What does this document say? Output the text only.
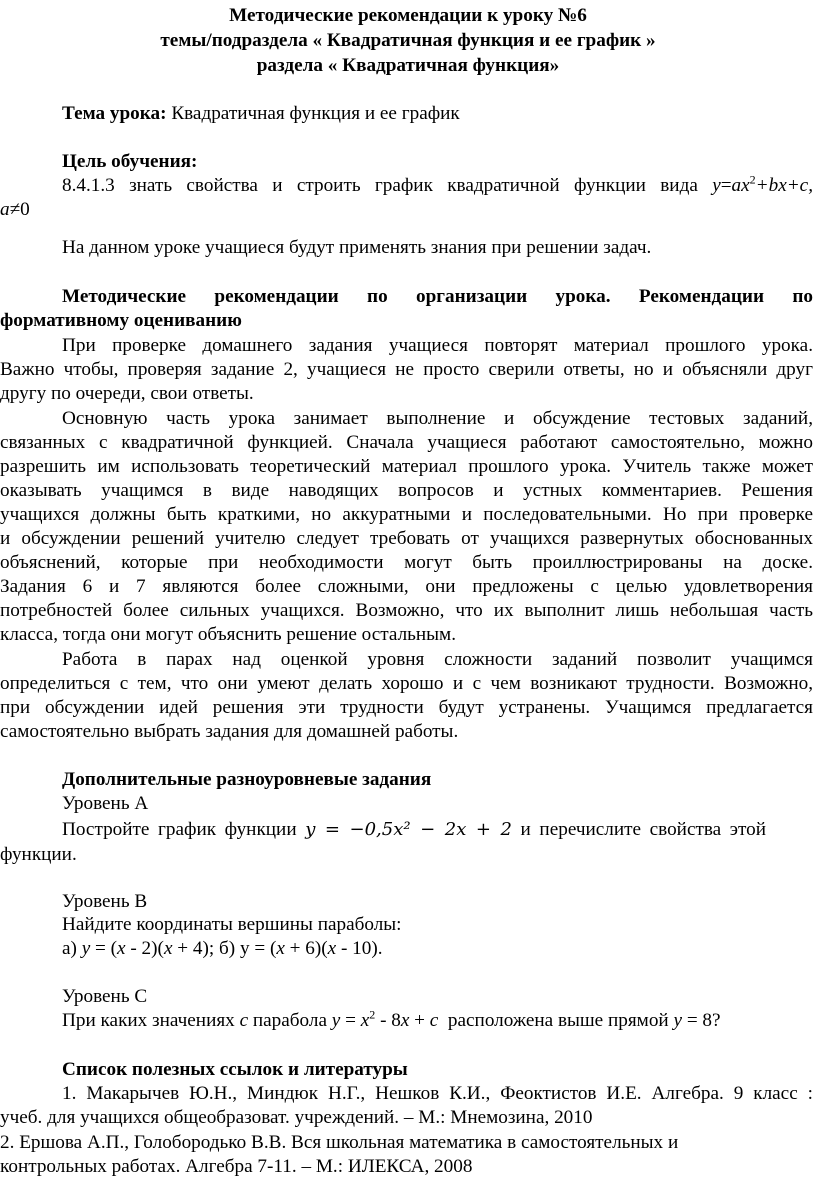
Методические рекомендации к уроку №6
темы/подраздела « Квадратичная функция и ее график »
раздела « Квадратичная функция»
Тема урока: Квадратичная функция и ее график
Цель обучения:
8.4.1.3 знать свойства и строить график квадратичной функции вида $y=ax^2+bx+c$,
a≠0
На данном уроке учащиеся будут применять знания при решении задач.
Методические рекомендации по организации урока. Рекомендации по
формативному оцениванию
При проверке домашнего задания учащиеся повторят материал прошлого урока.
Важно чтобы, проверяя задание 2, учащиеся не просто сверили ответы, но и объясняли друг
другу по очереди, свои ответы.
Основную часть урока занимает выполнение и обсуждение тестовых заданий,
связанных с квадратичной функцией. Сначала учащиеся работают самостоятельно, можно
разрешить им использовать теоретический материал прошлого урока. Учитель также может
оказывать учащимся в виде наводящих вопросов и устных комментариев. Решения
учащихся должны быть краткими, но аккуратными и последовательными. Но при проверке
и обсуждении решений учителю следует требовать от учащихся развернутых обоснованных
объяснений, которые при необходимости могут быть проиллюстрированы на доске.
Задания 6 и 7 являются более сложными, они предложены с целью удовлетворения
потребностей более сильных учащихся. Возможно, что их выполнит лишь небольшая часть
класса, тогда они могут объяснить решение остальным.
Работа в парах над оценкой уровня сложности заданий позволит учащимся
определиться с тем, что они умеют делать хорошо и с чем возникают трудности. Возможно,
при обсуждении идей решения эти трудности будут устранены. Учащимся предлагается
самостоятельно выбрать задания для домашней работы.
Дополнительные разноуровневые задания
Уровень А
Постройте график функции y = −0,5x² − 2x + 2 и перечислите свойства этой
функции.
Уровень В
Найдите координаты вершины параболы:
а) y = (x - 2)(x + 4); б) у = (x + 6)(x - 10).
Уровень С
При каких значениях c парабола $y = x^2 - 8x + c$  расположена выше прямой y = 8?
Список полезных ссылок и литературы
1. Макарычев Ю.Н., Миндюк Н.Г., Нешков К.И., Феоктистов И.Е. Алгебра. 9 класс :
учеб. для учащихся общеобразоват. учреждений. – М.: Мнемозина, 2010
2. Ершова А.П., Голобородько В.В. Вся школьная математика в самостоятельных и
контрольных работах. Алгебра 7-11. – М.: ИЛЕКСА, 2008
